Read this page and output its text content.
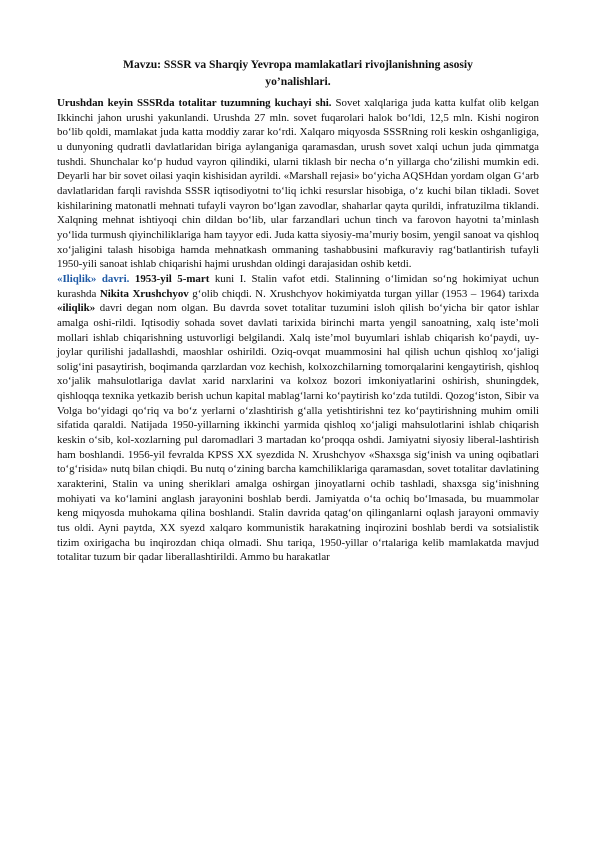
Mavzu: SSSR va Sharqiy Yevropa mamlakatlari rivojlanishning asosiy
yo’nalishlari.

Urushdan keyin SSSRda totalitar tuzumning kuchayi shi. Sovet xalqlariga juda katta kulfat olib kelgan Ikkinchi jahon urushi yakunlandi. Urushda 27 mln. sovet fuqarolari halok bo‘ldi, 12,5 mln. Kishi nogiron bo‘lib qoldi, mamlakat juda katta moddiy zarar ko‘rdi. Xalqaro miqyosda SSSRning roli keskin oshganligiga, u dunyoning qudratli davlatlaridan biriga aylanganiga qaramasdan, urush sovet xalqi uchun juda qimmatga tushdi. Shunchalar ko‘p hudud vayron qilindiki, ularni tiklash bir necha o‘n yillarga cho‘zilishi mumkin edi. Deyarli har bir sovet oilasi yaqin kishisidan ayrildi. «Marshall rejasi» bo‘yicha AQSHdan yordam olgan G‘arb davlatlaridan farqli ravishda SSSR iqtisodiyotni to‘liq ichki resurslar hisobiga, o‘z kuchi bilan tikladi. Sovet kishilarining matonatli mehnati tufayli vayron bo‘lgan zavodlar, shaharlar qayta qurildi, infratuzilma tiklandi. Xalqning mehnat ishtiyoqi chin dildan bo‘lib, ular farzandlari uchun tinch va farovon hayotni ta’minlash yo‘lida turmush qiyinchiliklariga ham tayyor edi. Juda katta siyosiy-ma’muriy bosim, yengil sanoat va qishloq xo‘jaligini talash hisobiga hamda mehnatkash ommaning tashabbusini mafkuraviy rag‘batlantirish tufayli 1950-yili sanoat ishlab chiqarishi hajmi urushdan oldingi darajasidan oshib ketdi.

«Iliqlik» davri. 1953-yil 5-mart kuni I. Stalin vafot etdi. Stalinning o‘limidan so‘ng hokimiyat uchun kurashda Nikita Xrushchyov g‘olib chiqdi. N. Xrushchyov hokimiyatda turgan yillar (1953 – 1964) tarixda «iliqlik» davri degan nom olgan. Bu davrda sovet totalitar tuzumini isloh qilish bo‘yicha bir qator ishlar amalga oshi-rildi. Iqtisodiy sohada sovet davlati tarixida birinchi marta yengil sanoatning, xalq iste’moli mollari ishlab chiqarishning ustuvorligi belgilandi. Xalq iste’mol buyumlari ishlab chiqarish ko‘paydi, uy-joylar qurilishi jadallashdi, maoshlar oshirildi. Oziq-ovqat muammosini hal qilish uchun qishloq xo‘jaligi solig‘ini pasaytirish, boqimanda qarzlardan voz kechish, kolxozchilarning tomorqalarini kengaytirish, qishloq xo‘jalik mahsulotlariga davlat xarid narxlarini va kolxoz bozori imkoniyatlarini oshirish, shuningdek, qishloqqa texnika yetkazib berish uchun kapital mablag‘larni ko‘paytirish ko‘zda tutildi. Qozog‘iston, Sibir va Volga bo‘yidagi qo‘riq va bo‘z yerlarni o‘zlashtirish g‘alla yetishtirishni tez ko‘paytirishning muhim omili sifatida qaraldi. Natijada 1950-yillarning ikkinchi yarmida qishloq xo‘jaligi mahsulotlarini ishlab chiqarish keskin o‘sib, kol-xozlarning pul daromadlari 3 martadan ko‘proqqa oshdi. Jamiyatni siyosiy liberal-lashtirish ham boshlandi. 1956-yil fevralda KPSS XX syezdida N. Xrushchyov «Shaxsga sig‘inish va uning oqibatlari to‘g‘risida» nutq bilan chiqdi. Bu nutq o‘zining barcha kamchiliklariga qaramasdan, sovet totalitar davlatining xarakterini, Stalin va uning sheriklari amalga oshirgan jinoyatlarni ochib tashladi, shaxsga sig‘inishning mohiyati va ko‘lamini anglash jarayonini boshlab berdi. Jamiyatda o‘ta ochiq bo‘lmasada, bu muammolar keng miqyosda muhokama qilina boshlandi. Stalin davrida qatag‘on qilinganlarni oqlash jarayoni ommaviy tus oldi. Ayni paytda, XX syezd xalqaro kommunistik harakatning inqirozini boshlab berdi va sotsialistik tizim oxirigacha bu inqirozdan chiqa olmadi. Shu tariqa, 1950-yillar o‘rtalariga kelib mamlakatda mavjud totalitar tuzum bir qadar liberallashtirildi. Ammo bu harakatlar
